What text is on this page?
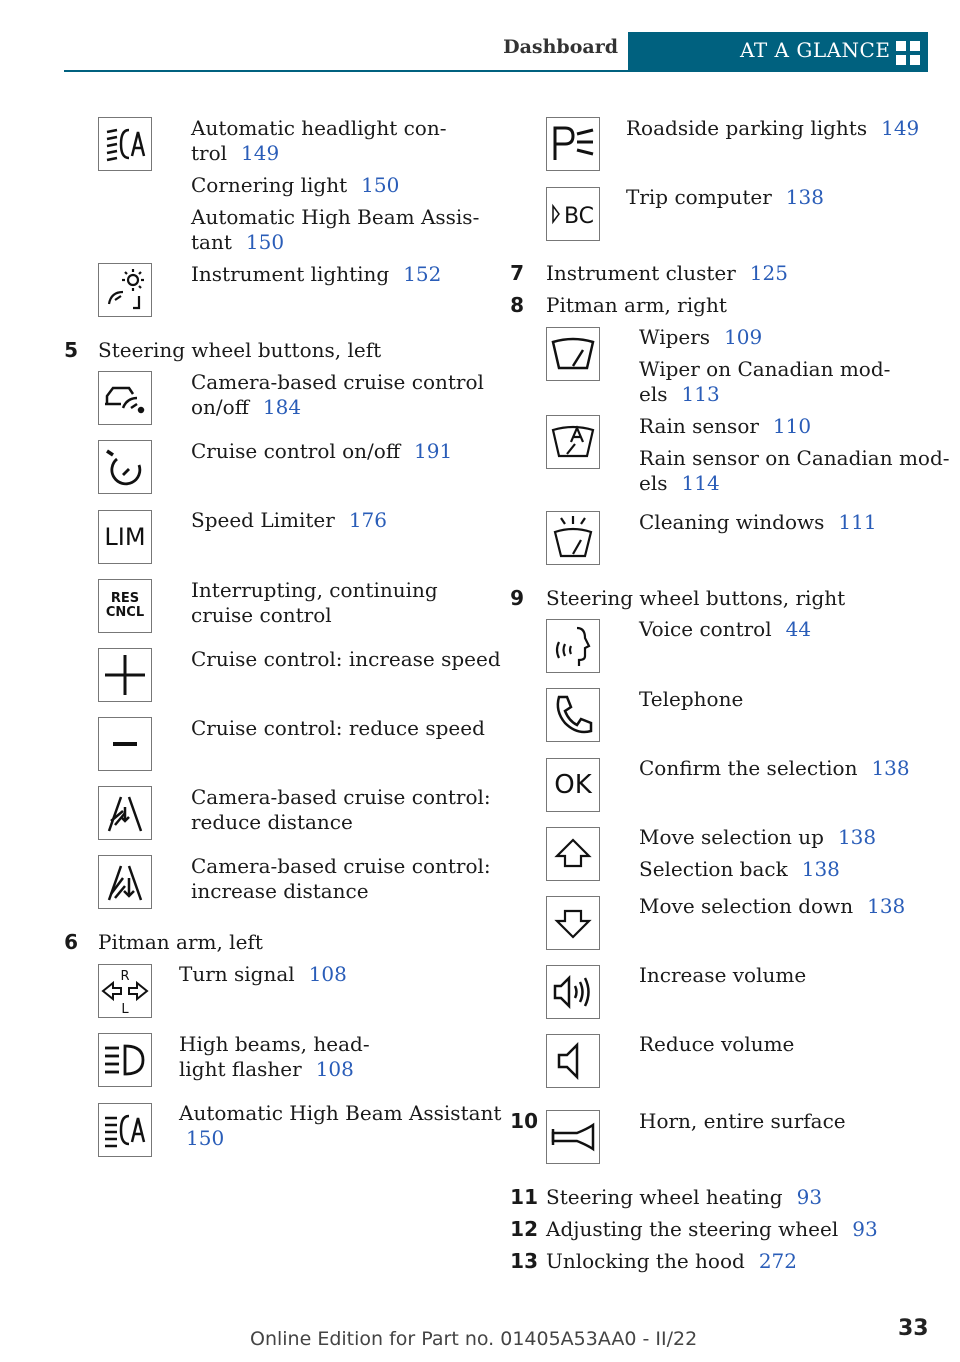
Dashboard	AT A GLANCE
Automatic headlight con-
trol 149
Cornering light 150
Automatic High Beam Assis-
tant 150
Instrument lighting 152
5 Steering wheel buttons, left
Camera-based cruise control
on/off 184
Cruise control on/off 191
LIM
Speed Limiter 176
RES
CNCL
Interrupting, continuing
cruise control
Cruise control: increase speed
Cruise control: reduce speed
Camera-based cruise control:
reduce distance
Camera-based cruise control:
increase distance
6 Pitman arm, left
R
L
Turn signal 108
High beams, head-
light flasher 108
Automatic High Beam Assistant
150
Roadside parking lights 149
BC
Trip computer 138
7 Instrument cluster 125
8 Pitman arm, right
Wipers 109
Wiper on Canadian mod-
els 113
Rain sensor 110
Rain sensor on Canadian mod-
els 114
Cleaning windows 111
9 Steering wheel buttons, right
Voice control 44
Telephone
OK
Confirm the selection 138
Move selection up 138
Selection back 138
Move selection down 138
Increase volume
Reduce volume
10	Horn, entire surface
11 Steering wheel heating 93
12 Adjusting the steering wheel 93
13 Unlocking the hood 272
Online Edition for Part no. 01405A53AA0 - II/22	33
